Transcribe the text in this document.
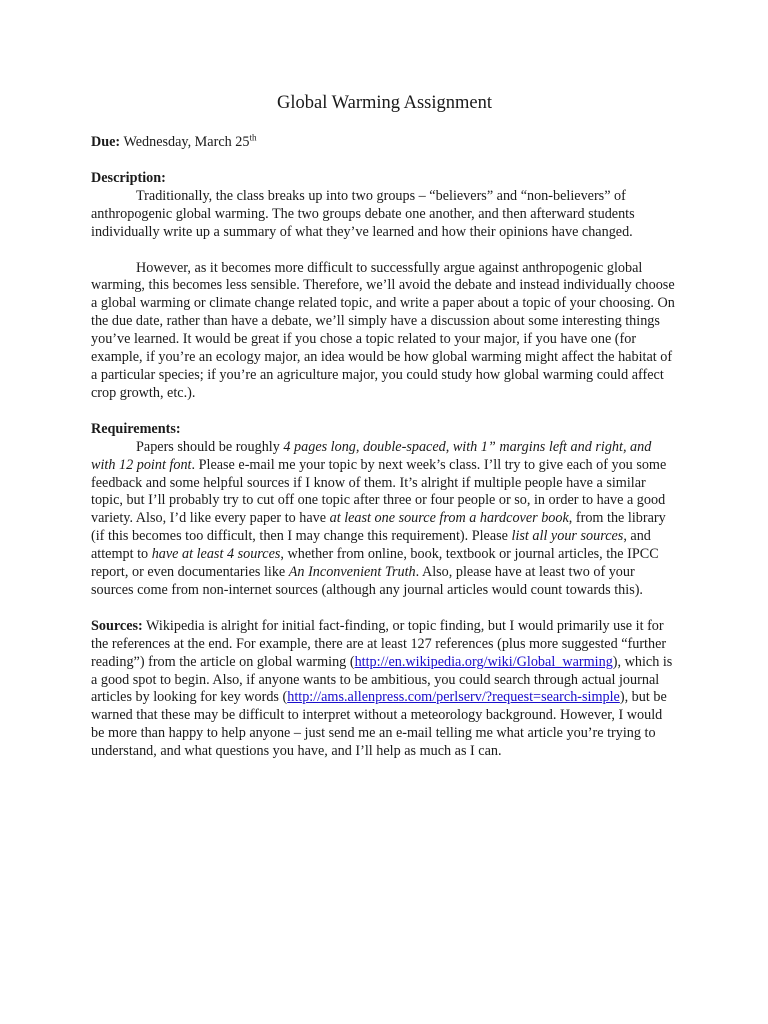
Global Warming Assignment

Due: Wednesday, March 25th

Description:

Traditionally, the class breaks up into two groups – “believers” and “non-believers” of anthropogenic global warming. The two groups debate one another, and then afterward students individually write up a summary of what they’ve learned and how their opinions have changed.

However, as it becomes more difficult to successfully argue against anthropogenic global warming, this becomes less sensible. Therefore, we’ll avoid the debate and instead individually choose a global warming or climate change related topic, and write a paper about a topic of your choosing. On the due date, rather than have a debate, we’ll simply have a discussion about some interesting things you’ve learned. It would be great if you chose a topic related to your major, if you have one (for example, if you’re an ecology major, an idea would be how global warming might affect the habitat of a particular species; if you’re an agriculture major, you could study how global warming could affect crop growth, etc.).

Requirements:

Papers should be roughly 4 pages long, double-spaced, with 1” margins left and right, and with 12 point font. Please e-mail me your topic by next week’s class. I’ll try to give each of you some feedback and some helpful sources if I know of them. It’s alright if multiple people have a similar topic, but I’ll probably try to cut off one topic after three or four people or so, in order to have a good variety. Also, I’d like every paper to have at least one source from a hardcover book, from the library (if this becomes too difficult, then I may change this requirement). Please list all your sources, and attempt to have at least 4 sources, whether from online, book, textbook or journal articles, the IPCC report, or even documentaries like An Inconvenient Truth. Also, please have at least two of your sources come from non-internet sources (although any journal articles would count towards this).

Sources: Wikipedia is alright for initial fact-finding, or topic finding, but I would primarily use it for the references at the end. For example, there are at least 127 references (plus more suggested “further reading”) from the article on global warming (http://en.wikipedia.org/wiki/Global_warming), which is a good spot to begin. Also, if anyone wants to be ambitious, you could search through actual journal articles by looking for key words (http://ams.allenpress.com/perlserv/?request=search-simple), but be warned that these may be difficult to interpret without a meteorology background. However, I would be more than happy to help anyone – just send me an e-mail telling me what article you’re trying to understand, and what questions you have, and I’ll help as much as I can.
